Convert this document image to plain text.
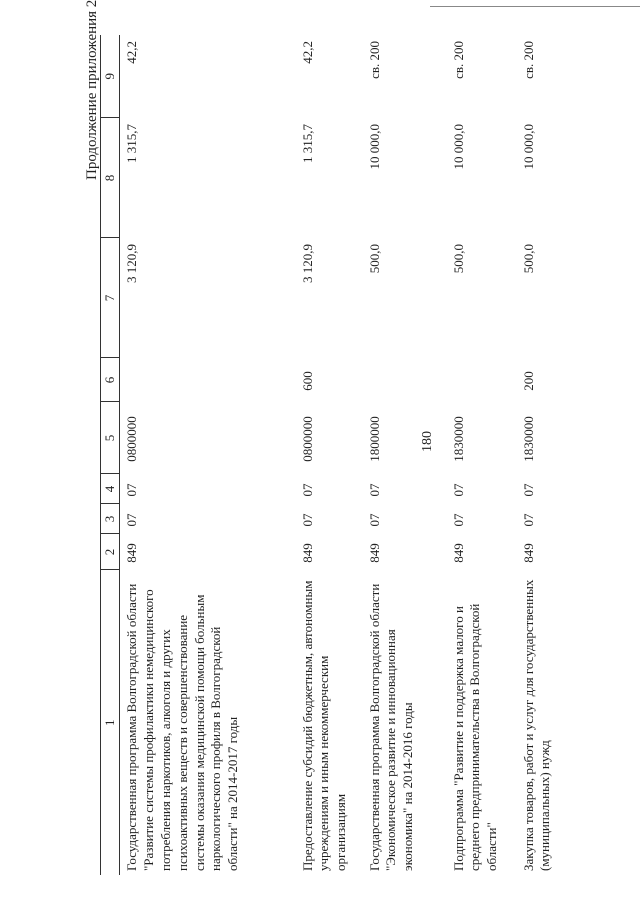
180
Продолжение приложения 2
1	2	3	4	5	6	7	8	9
Государственная программа Волгоградской области "Развитие системы профилактики немедицинского потребления наркотиков, алкоголя и других психоактивных веществ и совершенствование системы оказания медицинской помощи больным наркологического профиля в Волгоградской области" на 2014-2017 годы	849	07	07	0800000		3 120,9	1 315,7	42,2
Предоставление субсидий бюджетным, автономным учреждениям и иным некоммерческим организациям	849	07	07	0800000	600	3 120,9	1 315,7	42,2
Государственная программа Волгоградской области "Экономическое развитие и инновационная экономика" на 2014-2016 годы	849	07	07	1800000		500,0	10 000,0	св. 200
Подпрограмма "Развитие и поддержка малого и среднего предпринимательства в Волгоградской области"	849	07	07	1830000		500,0	10 000,0	св. 200
Закупка товаров, работ и услуг для государственных (муниципальных) нужд	849	07	07	1830000	200	500,0	10 000,0	св. 200
